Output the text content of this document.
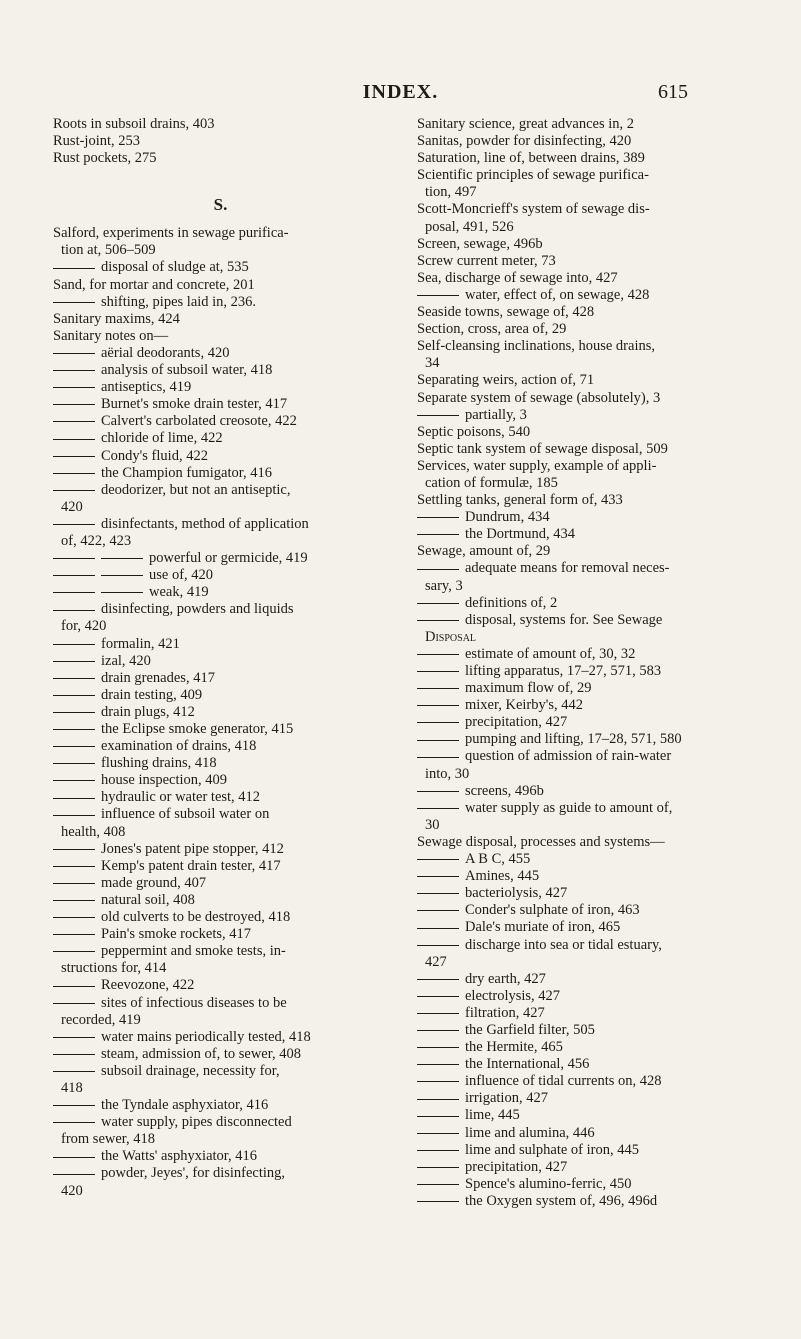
INDEX.	615
Roots in subsoil drains, 403
Rust-joint, 253
Rust pockets, 275
S.
Salford, experiments in sewage purifica-
tion at, 506–509
disposal of sludge at, 535
Sand, for mortar and concrete, 201
shifting, pipes laid in, 236.
Sanitary maxims, 424
Sanitary notes on—
aërial deodorants, 420
analysis of subsoil water, 418
antiseptics, 419
Burnet's smoke drain tester, 417
Calvert's carbolated creosote, 422
chloride of lime, 422
Condy's fluid, 422
the Champion fumigator, 416
deodorizer, but not an antiseptic,
420
disinfectants, method of application
of, 422, 423
powerful or germicide, 419
use of, 420
weak, 419
disinfecting, powders and liquids
for, 420
formalin, 421
izal, 420
drain grenades, 417
drain testing, 409
drain plugs, 412
the Eclipse smoke generator, 415
examination of drains, 418
flushing drains, 418
house inspection, 409
hydraulic or water test, 412
influence of subsoil water on
health, 408
Jones's patent pipe stopper, 412
Kemp's patent drain tester, 417
made ground, 407
natural soil, 408
old culverts to be destroyed, 418
Pain's smoke rockets, 417
peppermint and smoke tests, in-
structions for, 414
Reevozone, 422
sites of infectious diseases to be
recorded, 419
water mains periodically tested, 418
steam, admission of, to sewer, 408
subsoil drainage, necessity for,
418
the Tyndale asphyxiator, 416
water supply, pipes disconnected
from sewer, 418
the Watts' asphyxiator, 416
powder, Jeyes', for disinfecting,
420
Sanitary science, great advances in, 2
Sanitas, powder for disinfecting, 420
Saturation, line of, between drains, 389
Scientific principles of sewage purifica-
tion, 497
Scott-Moncrieff's system of sewage dis-
posal, 491, 526
Screen, sewage, 496b
Screw current meter, 73
Sea, discharge of sewage into, 427
water, effect of, on sewage, 428
Seaside towns, sewage of, 428
Section, cross, area of, 29
Self-cleansing inclinations, house drains,
34
Separating weirs, action of, 71
Separate system of sewage (absolutely), 3
partially, 3
Septic poisons, 540
Septic tank system of sewage disposal, 509
Services, water supply, example of appli-
cation of formulæ, 185
Settling tanks, general form of, 433
Dundrum, 434
the Dortmund, 434
Sewage, amount of, 29
adequate means for removal neces-
sary, 3
definitions of, 2
disposal, systems for. See Sewage
Disposal
estimate of amount of, 30, 32
lifting apparatus, 17–27, 571, 583
maximum flow of, 29
mixer, Keirby's, 442
precipitation, 427
pumping and lifting, 17–28, 571, 580
question of admission of rain-water
into, 30
screens, 496b
water supply as guide to amount of,
30
Sewage disposal, processes and systems—
A B C, 455
Amines, 445
bacteriolysis, 427
Conder's sulphate of iron, 463
Dale's muriate of iron, 465
discharge into sea or tidal estuary,
427
dry earth, 427
electrolysis, 427
filtration, 427
the Garfield filter, 505
the Hermite, 465
the International, 456
influence of tidal currents on, 428
irrigation, 427
lime, 445
lime and alumina, 446
lime and sulphate of iron, 445
precipitation, 427
Spence's alumino-ferric, 450
the Oxygen system of, 496, 496d
